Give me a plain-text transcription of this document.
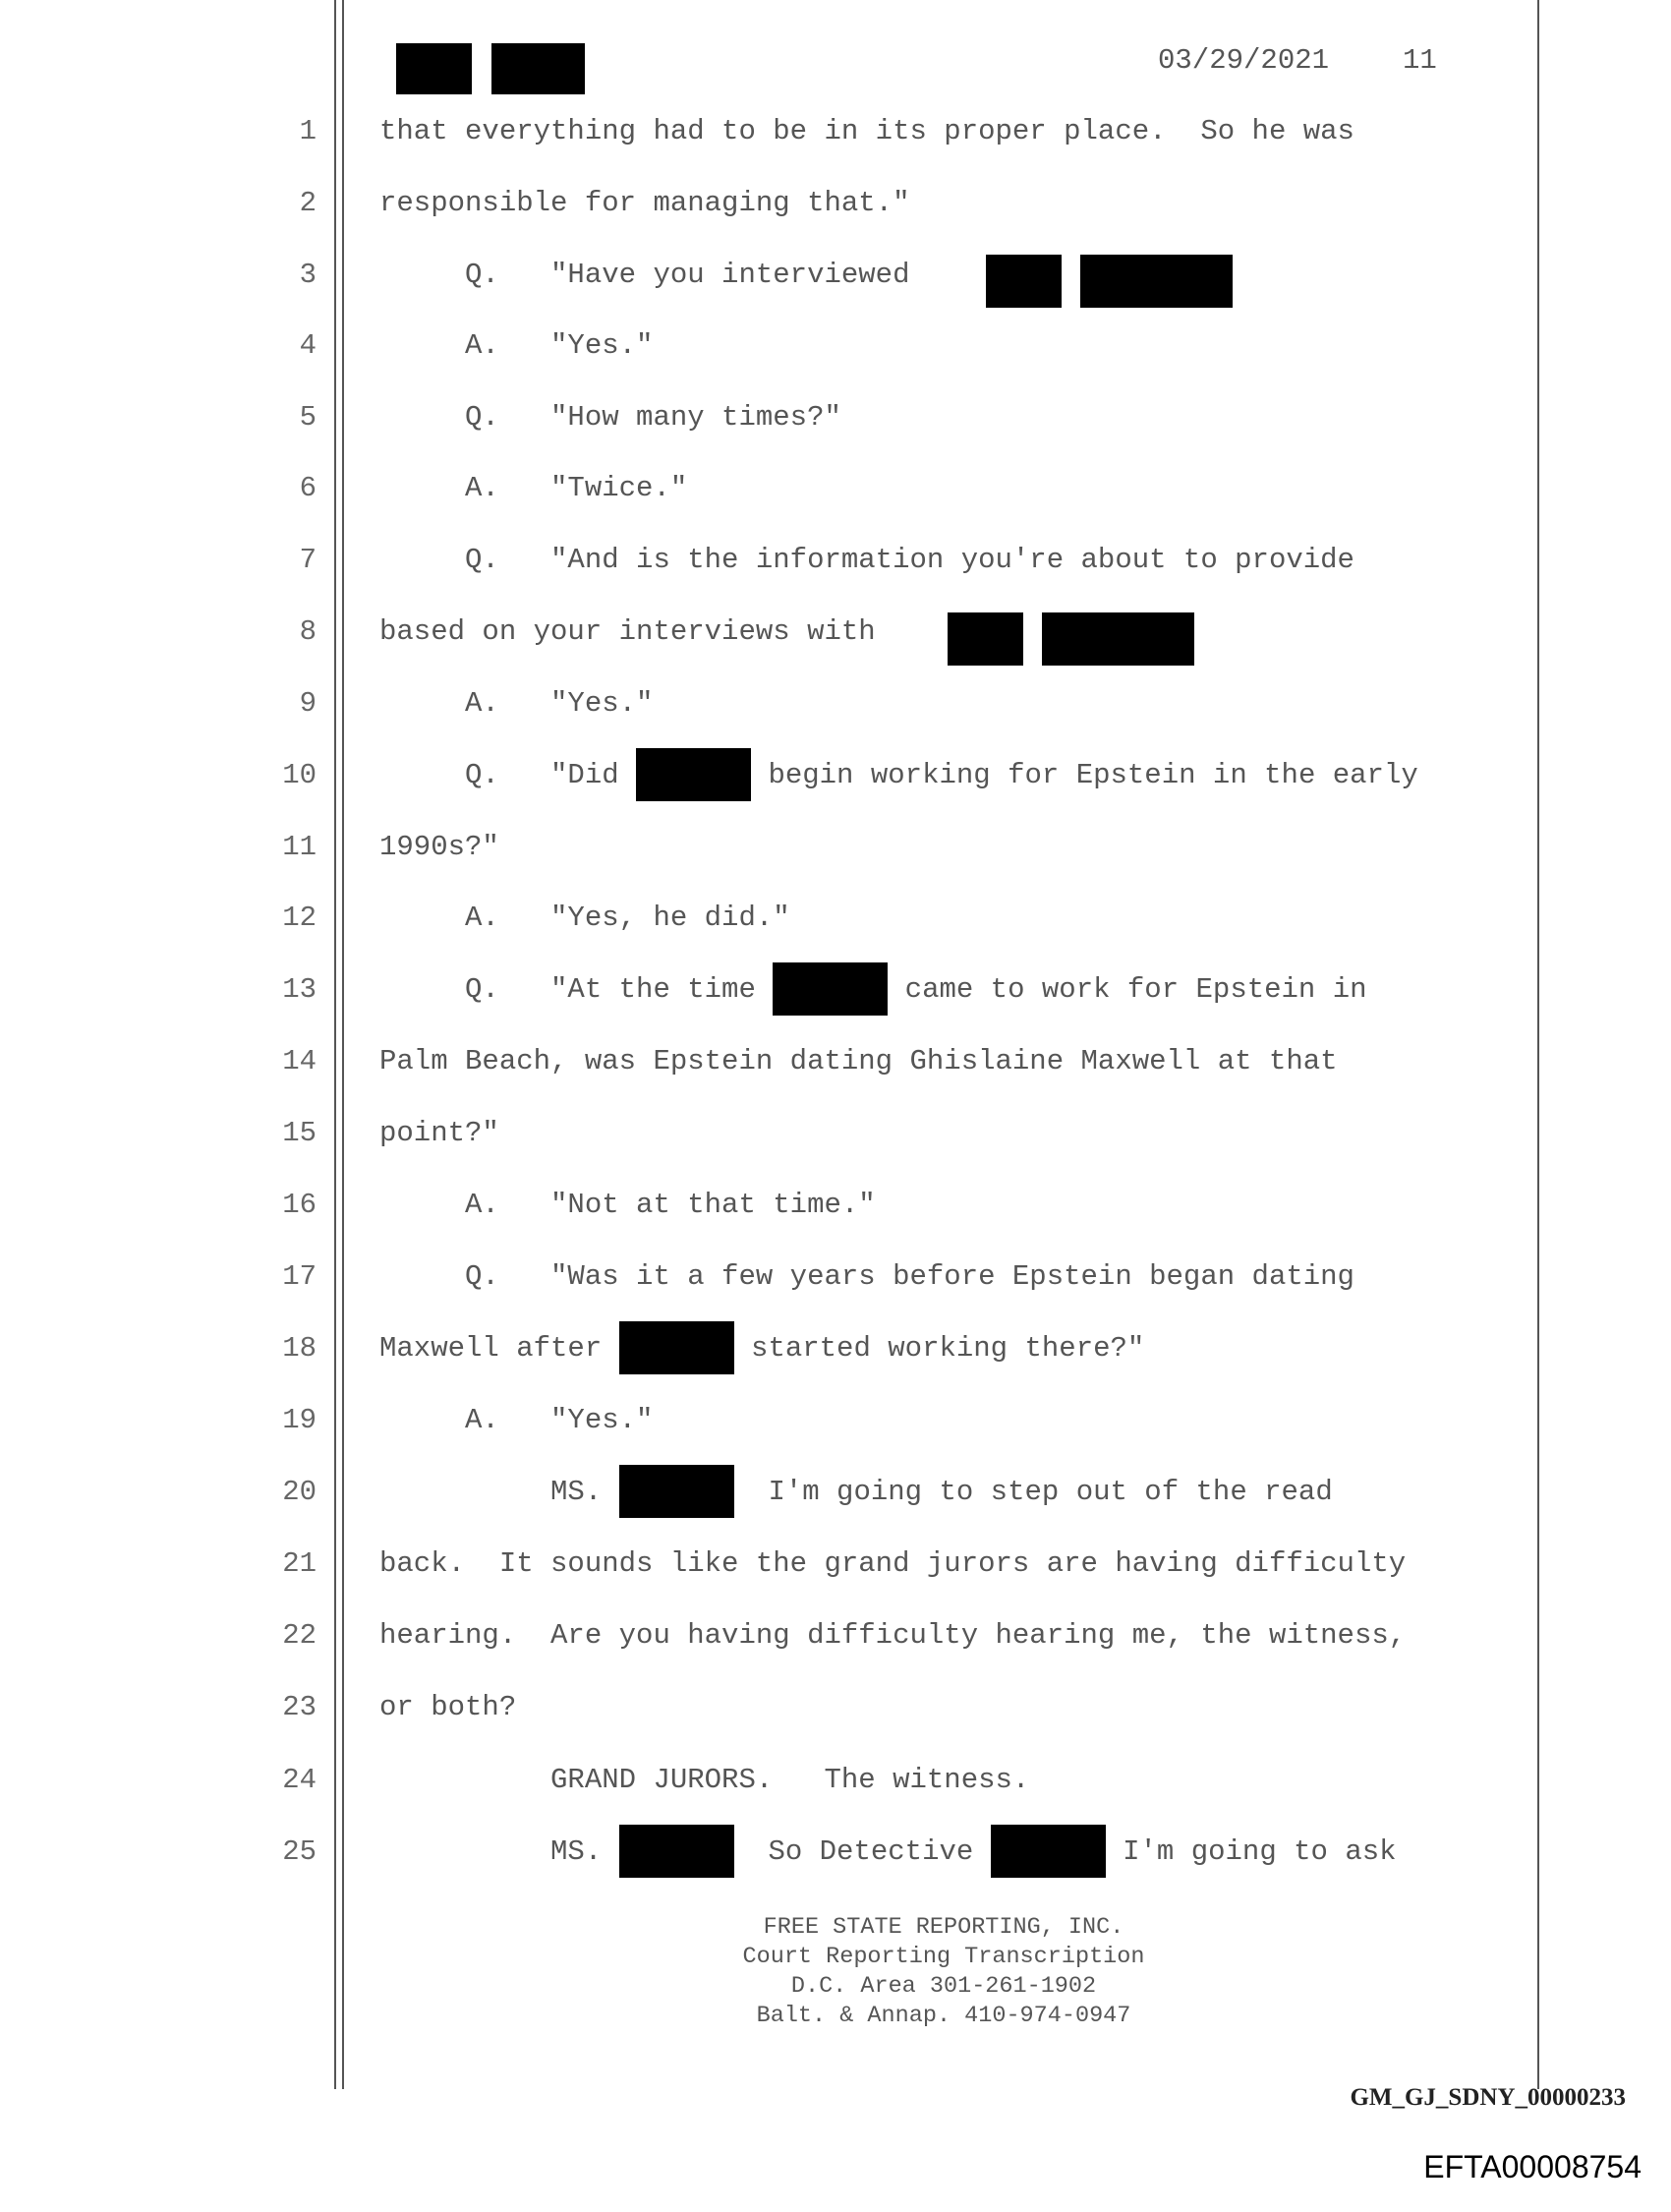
03/29/2021	11
1 that everything had to be in its proper place.  So he was
2 responsible for managing that."
3 Q.   "Have you interviewed
4 A.   "Yes."
5 Q.   "How many times?"
6 A.   "Twice."
7 Q.   "And is the information you're about to provide
8 based on your interviews with
9 A.   "Yes."
10 Q.   "Did	begin working for Epstein in the early
11 1990s?"
12 A.   "Yes, he did."
13 Q.   "At the time	came to work for Epstein in
14 Palm Beach, was Epstein dating Ghislaine Maxwell at that
15 point?"
16 A.   "Not at that time."
17 Q.   "Was it a few years before Epstein began dating
18 Maxwell after	started working there?"
19 A.   "Yes."
20 MS.	I'm going to step out of the read
21 back.  It sounds like the grand jurors are having difficulty
22 hearing.  Are you having difficulty hearing me, the witness,
23 or both?
24 GRAND JURORS.   The witness.
25 MS.	So Detective	I'm going to ask
FREE STATE REPORTING, INC.
Court Reporting Transcription
D.C. Area 301-261-1902
Balt. & Annap. 410-974-0947
GM_GJ_SDNY_00000233
EFTA00008754
